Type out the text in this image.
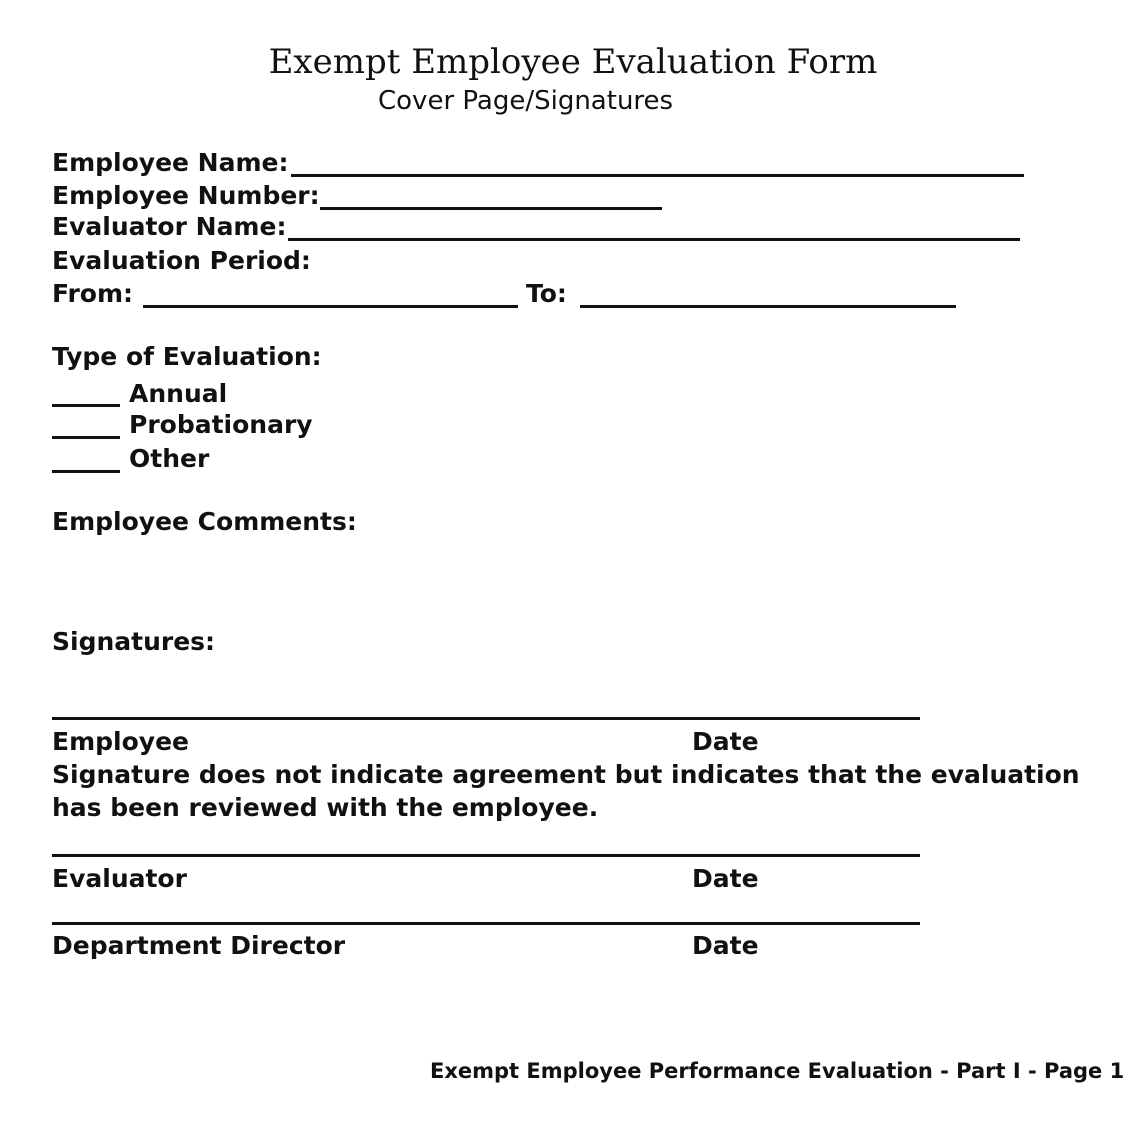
Exempt Employee Evaluation Form
Cover Page/Signatures
Employee Name:
Employee Number:
Evaluator Name:
Evaluation Period:
From:	To:
Type of Evaluation:
Annual
Probationary
Other
Employee Comments:
Signatures:
Employee	Date
Signature does not indicate agreement but indicates that the evaluation
has been reviewed with the employee.
Evaluator	Date
Department Director	Date
Exempt Employee Performance Evaluation - Part I - Page 1
